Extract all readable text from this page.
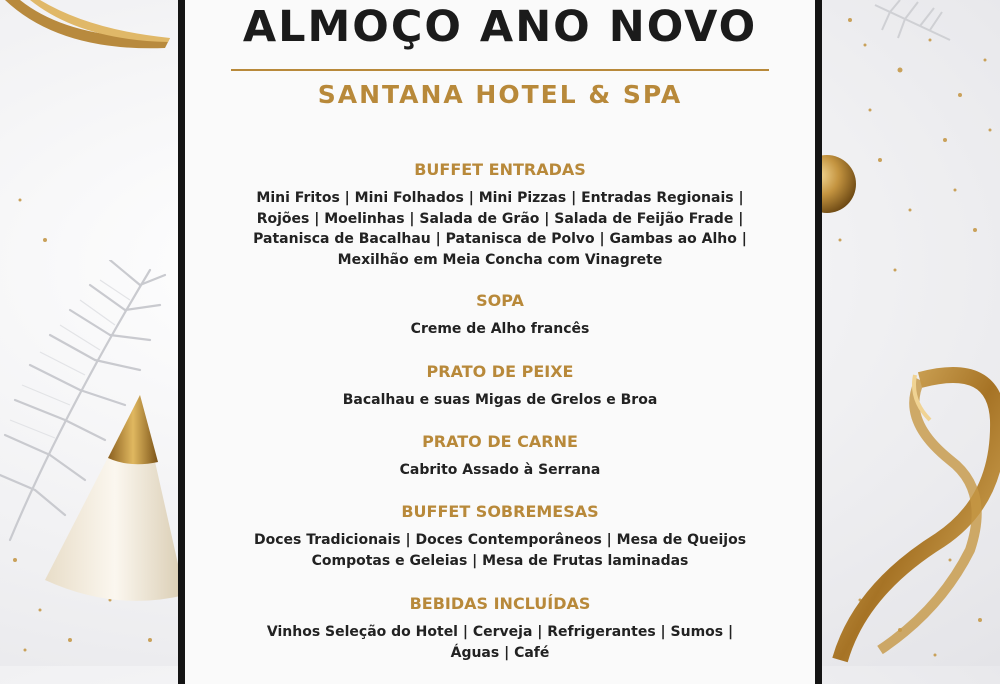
ALMOÇO ANO NOVO
SANTANA HOTEL & SPA
BUFFET ENTRADAS
Mini Fritos | Mini Folhados | Mini Pizzas | Entradas Regionais |
Rojões | Moelinhas | Salada de Grão | Salada de Feijão Frade |
Patanisca de Bacalhau | Patanisca de Polvo | Gambas ao Alho |
Mexilhão em Meia Concha com Vinagrete
SOPA
Creme de Alho francês
PRATO DE PEIXE
Bacalhau e suas Migas de Grelos e Broa
PRATO DE CARNE
Cabrito Assado à Serrana
BUFFET SOBREMESAS
Doces Tradicionais | Doces Contemporâneos | Mesa de Queijos
Compotas e Geleias | Mesa de Frutas laminadas
BEBIDAS INCLUÍDAS
Vinhos Seleção do Hotel | Cerveja | Refrigerantes | Sumos |
Águas | Café
